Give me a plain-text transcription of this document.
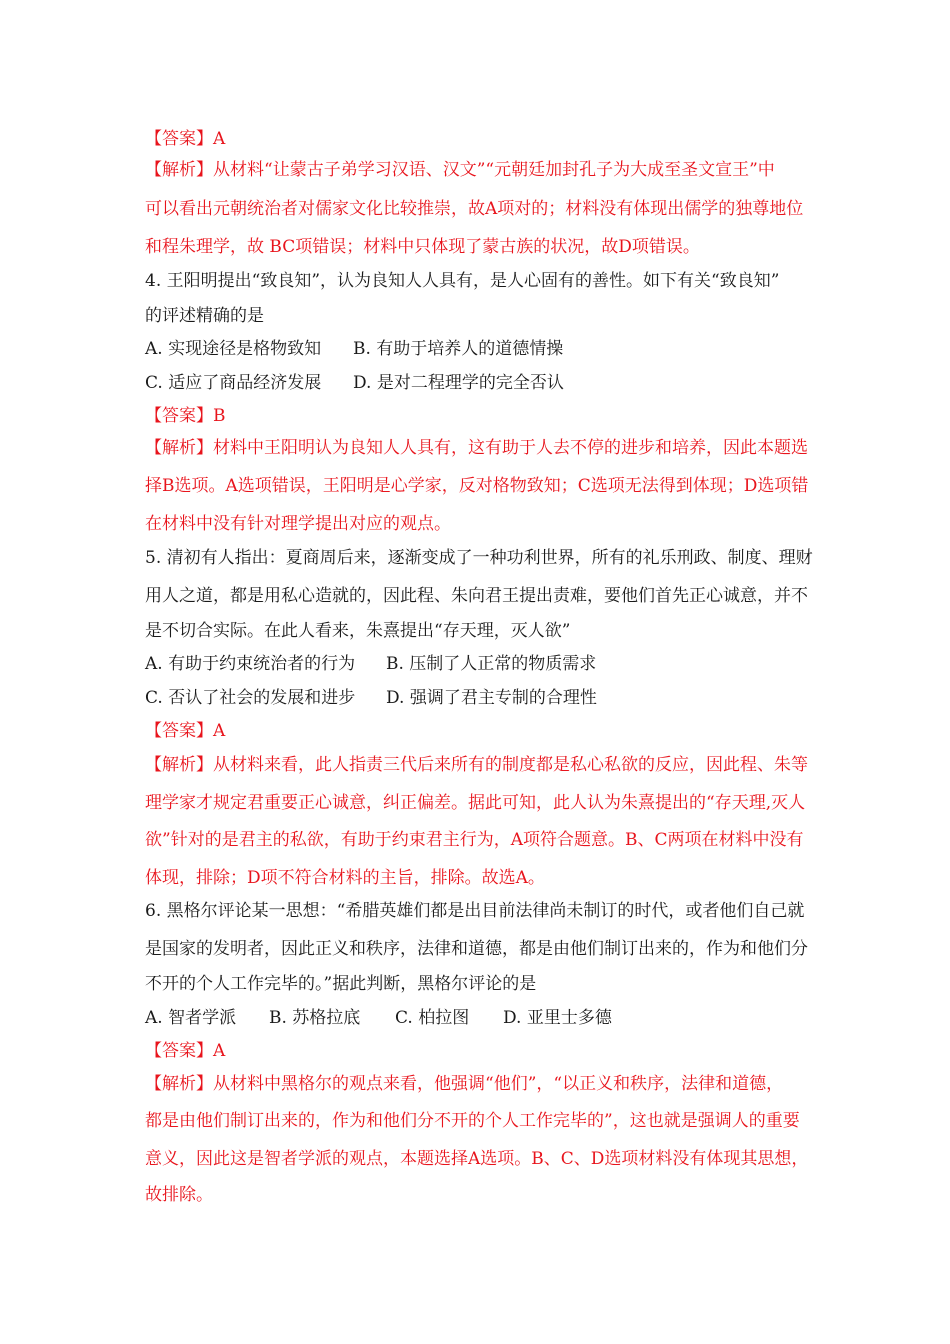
【答案】A
【解析】从材料“让蒙古子弟学习汉语、汉文”“元朝廷加封孔子为大成至圣文宣王”中
可以看出元朝统治者对儒家文化比较推崇，故A项对的；材料没有体现出儒学的独尊地位
和程朱理学，故 BC项错误；材料中只体现了蒙古族的状况，故D项错误。
4. 王阳明提出“致良知”，认为良知人人具有，是人心固有的善性。如下有关“致良知”
的评述精确的是
A. 实现途径是格物致知 B. 有助于培养人的道德情操
C. 适应了商品经济发展 D. 是对二程理学的完全否认
【答案】B
【解析】材料中王阳明认为良知人人具有，这有助于人去不停的进步和培养，因此本题选
择B选项。A选项错误，王阳明是心学家，反对格物致知；C选项无法得到体现；D选项错
在材料中没有针对理学提出对应的观点。
5. 清初有人指出：夏商周后来，逐渐变成了一种功利世界，所有的礼乐刑政、制度、理财
用人之道，都是用私心造就的，因此程、朱向君王提出责难，要他们首先正心诚意，并不
是不切合实际。在此人看来，朱熹提出“存天理，灭人欲”
A. 有助于约束统治者的行为 B. 压制了人正常的物质需求
C. 否认了社会的发展和进步 D. 强调了君主专制的合理性
【答案】A
【解析】从材料来看，此人指责三代后来所有的制度都是私心私欲的反应，因此程、朱等
理学家才规定君重要正心诚意，纠正偏差。据此可知，此人认为朱熹提出的“存天理,灭人
欲”针对的是君主的私欲，有助于约束君主行为，A项符合题意。B、C两项在材料中没有
体现，排除；D项不符合材料的主旨，排除。故选A。
6. 黑格尔评论某一思想：“希腊英雄们都是出目前法律尚未制订的时代，或者他们自己就
是国家的发明者，因此正义和秩序，法律和道德，都是由他们制订出来的，作为和他们分
不开的个人工作完毕的。”据此判断，黑格尔评论的是
A. 智者学派 B. 苏格拉底 C. 柏拉图 D. 亚里士多德
【答案】A
【解析】从材料中黑格尔的观点来看，他强调“他们”，“以正义和秩序，法律和道德，
都是由他们制订出来的，作为和他们分不开的个人工作完毕的”，这也就是强调人的重要
意义，因此这是智者学派的观点，本题选择A选项。B、C、D选项材料没有体现其思想，
故排除。
